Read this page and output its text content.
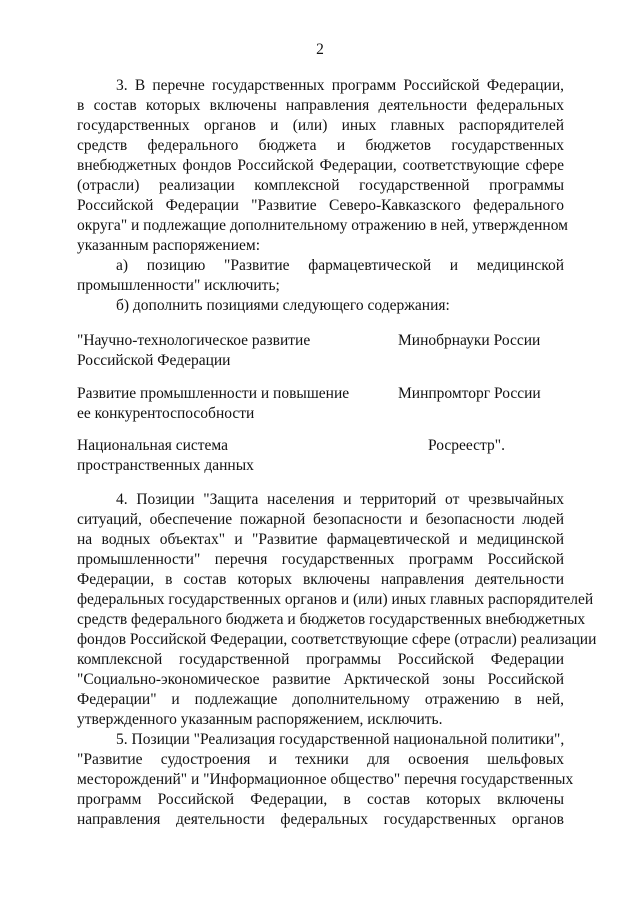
2
3. В перечне государственных программ Российской Федерации,
в состав которых включены направления деятельности федеральных
государственных органов и (или) иных главных распорядителей
средств федерального бюджета и бюджетов государственных
внебюджетных фондов Российской Федерации, соответствующие сфере
(отрасли) реализации комплексной государственной программы
Российской Федерации "Развитие Северо-Кавказского федерального
округа" и подлежащие дополнительному отражению в ней, утвержденном
указанным распоряжением:
а) позицию "Развитие фармацевтической и медицинской
промышленности" исключить;
б) дополнить позициями следующего содержания:
"Научно-технологическое развитие
Российской Федерации
Минобрнауки России
Развитие промышленности и повышение
ее конкурентоспособности
Минпромторг России
Национальная система
пространственных данных
Росреестр".
4. Позиции "Защита населения и территорий от чрезвычайных
ситуаций, обеспечение пожарной безопасности и безопасности людей
на водных объектах" и "Развитие фармацевтической и медицинской
промышленности" перечня государственных программ Российской
Федерации, в состав которых включены направления деятельности
федеральных государственных органов и (или) иных главных распорядителей
средств федерального бюджета и бюджетов государственных внебюджетных
фондов Российской Федерации, соответствующие сфере (отрасли) реализации
комплексной государственной программы Российской Федерации
"Социально-экономическое развитие Арктической зоны Российской
Федерации" и подлежащие дополнительному отражению в ней,
утвержденного указанным распоряжением, исключить.
5. Позиции "Реализация государственной национальной политики",
"Развитие судостроения и техники для освоения шельфовых
месторождений" и "Информационное общество" перечня государственных
программ Российской Федерации, в состав которых включены
направления деятельности федеральных государственных органов
